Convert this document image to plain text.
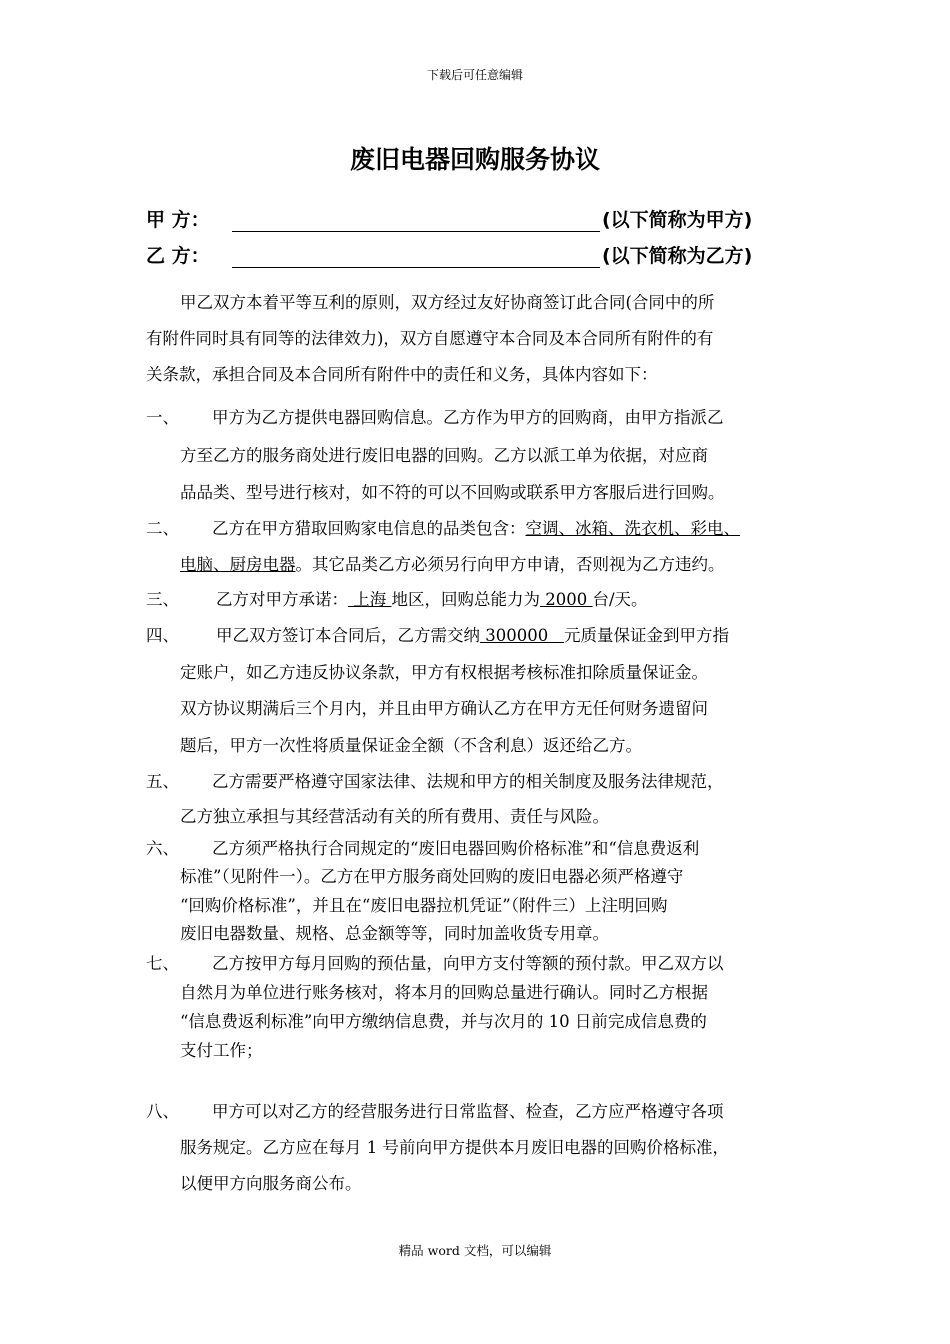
下载后可任意编辑
废旧电器回购服务协议
甲 方：	(以下简称为甲方)
乙 方：	(以下简称为乙方)
甲乙双方本着平等互利的原则，双方经过友好协商签订此合同(合同中的所
有附件同时具有同等的法律效力)，双方自愿遵守本合同及本合同所有附件的有
关条款，承担合同及本合同所有附件中的责任和义务，具体内容如下：
一、 甲方为乙方提供电器回购信息。乙方作为甲方的回购商，由甲方指派乙
方至乙方的服务商处进行废旧电器的回购。乙方以派工单为依据，对应商
品品类、型号进行核对，如不符的可以不回购或联系甲方客服后进行回购。
二、 乙方在甲方猎取回购家电信息的品类包含：空调、冰箱、洗衣机、彩电、
电脑、厨房电器。其它品类乙方必须另行向甲方申请，否则视为乙方违约。
三、 乙方对甲方承诺： 上海 地区，回购总能力为 2000 台/天。
四、 甲乙双方签订本合同后，乙方需交纳 300000   元质量保证金到甲方指
定账户，如乙方违反协议条款，甲方有权根据考核标准扣除质量保证金。
双方协议期满后三个月内，并且由甲方确认乙方在甲方无任何财务遗留问
题后，甲方一次性将质量保证金全额（不含利息）返还给乙方。
五、 乙方需要严格遵守国家法律、法规和甲方的相关制度及服务法律规范，
乙方独立承担与其经营活动有关的所有费用、责任与风险。
六、 乙方须严格执行合同规定的“废旧电器回购价格标准”和“信息费返利
标准”（见附件一）。乙方在甲方服务商处回购的废旧电器必须严格遵守
“回购价格标准”，并且在“废旧电器拉机凭证”（附件三）上注明回购
废旧电器数量、规格、总金额等等，同时加盖收货专用章。
七、 乙方按甲方每月回购的预估量，向甲方支付等额的预付款。甲乙双方以
自然月为单位进行账务核对，将本月的回购总量进行确认。同时乙方根据
“信息费返利标准”向甲方缴纳信息费，并与次月的 10 日前完成信息费的
支付工作；
八、 甲方可以对乙方的经营服务进行日常监督、检查，乙方应严格遵守各项
服务规定。乙方应在每月 1 号前向甲方提供本月废旧电器的回购价格标准，
以便甲方向服务商公布。
精品 word 文档，可以编辑
